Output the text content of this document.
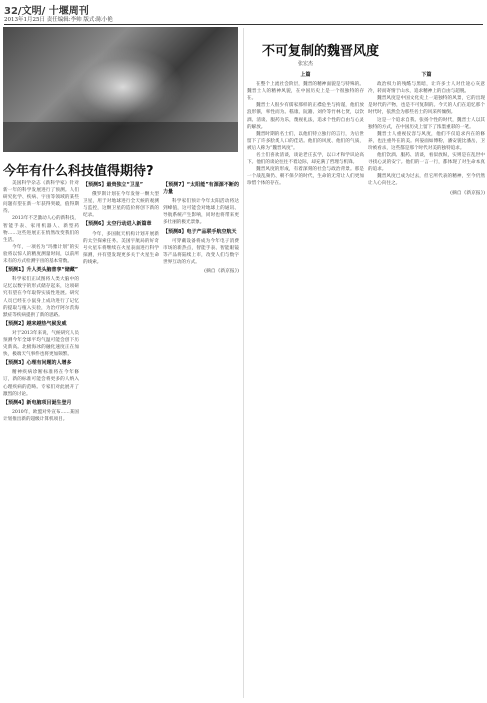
32/文明/ 十堰周刊
2013年1月25日 责任编辑:李帅 版式:陈小艳
今年有什么科技值得期待?
美国科学杂志《新科学家》针对新一年的科学发展进行了预测。人们研究化学、疾病、宇宙等领域的某些问题有望在新一年获得突破，值得期待。
2013年不乏激动人心的新科技，智能手表、家用机器人、新型药物……这些进展正在悄然改变我们的生活。
今年，一项名为“玛雅计划”的实验将以惊人的精度测量时间，以前所未有的方式检测宇宙的基本常数。
【预测1】升人类头脑普享“储藏”
科学家们正试图将人类大脑中的记忆以数字的形式储存起来，这项研究有望在今年取得实质性进展。研究人员已经在小鼠身上成功进行了记忆的提取与植入实验，为治疗阿尔茨海默症等疾病提供了新的思路。
【预测2】越来越热气候发威
对于2013年来说，气候研究人员预测今年全球平均气温可能会创下历史新高。北极海冰的融化速度正在加快，极端天气事件也将更加频繁。
【预测3】心理有问题的人增多
精神疾病诊断标准将在今年修订，新的标准可能会将更多的人纳入心理疾病的范畴。专家们对此展开了激烈的讨论。
【预测4】新电脑项目诞生登月
2010年，欧盟对外宣布……某国计划推出新的超级计算机项目。
【预测5】最贵独立“卫星”
俄罗斯计划在今年发射一颗大型卫星，用于对地球进行全天候的观测与监控，这颗卫星的造价将创下新的纪录。
【预测6】太空行动进入新篇章
今年，多国航天机构计划开展新的太空探索任务。美国宇航局的好奇号火星车将继续在火星表面进行科学探测，并有望发现更多关于火星生命的线索。
【预测7】“太阳能”有源源不断的力量
科学家们预计今年太阳活动将达到峰值，这可能会对地球上的通讯、导航系统产生影响，同时也将带来更多壮丽的极光景象。
【预测8】电子产品联手航空航天
可穿戴设备将成为今年电子消费市场的新热点，智能手表、智能眼镜等产品将陆续上市，改变人们与数字世界互动的方式。
(摘自《新京报》)
不可复制的魏晋风度
张宏杰
上篇
在整个上流社会阶层，魏晋的精神面貌是与特殊的。魏晋士人的精神风貌，在中国历史上是一个很独特的存在。
魏晋士人很少有儒家那样的正襟危坐与拘谨，他们放浪形骸，率性而为。嵇康、阮籍、刘伶等竹林七贤，以饮酒、清谈、服药为乐，蔑视礼法，追求个性的自由与心灵的解放。
魏晋时期的名士们，以他们特立独行的言行，为后世留下了许多脍炙人口的佳话。他们的风度、他们的气质，被后人称为“魏晋风度”。
名士们喜欢清谈，谈论老庄玄学，以口才和学识论高下。他们的谈论往往不着边际，却充满了哲理与机锋。
魏晋风度的形成，有着深刻的社会与政治背景。那是一个战乱频仍、朝不保夕的时代，生命的无常让人们更加珍惜个体的存在。
下篇
政治权力的残酷与黑暗，让许多士人对仕途心灰意冷，转而寄情于山水，追求精神上的自由与超脱。
魏晋风度是中国文化史上一道独特的风景，它的出现是时代的产物，也是不可复制的。今天的人们在追忆那个时代时，依然会为那些名士的风采所倾倒。
这是一个追求自我、张扬个性的时代，魏晋士人以其独特的方式，在中国历史上留下了浓墨重彩的一笔。
魏晋士人重视仪容与风度，他们不仅追求内在的修养，也注重外在的美。何晏面如傅粉，潘安貌比潘岳，卫玠被看杀，这些都是那个时代对美的独特追求。
他们饮酒、服药、清谈，看似放纵，实则是在乱世中寻找心灵的安宁。他们的一言一行，都体现了对生命本真的追求。
魏晋风度已成为过去，但它所代表的精神，至今仍然让人心向往之。
(摘自《新京报》)
